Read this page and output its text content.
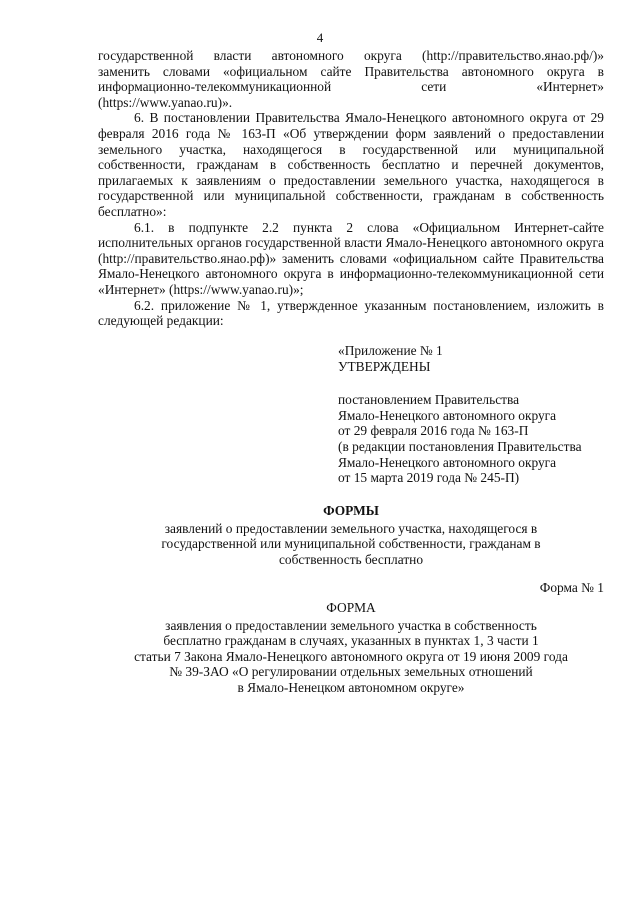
4

государственной власти автономного округа (http://правительство.янао.рф/)»

заменить словами «официальном сайте Правительства автономного округа в

информационно-телекоммуникационной сети «Интернет»

(https://www.yanao.ru)».

6. В постановлении Правительства Ямало-Ненецкого автономного округа от 29 февраля 2016 года № 163-П «Об утверждении форм заявлений о предоставлении земельного участка, находящегося в государственной или муниципальной собственности, гражданам в собственность бесплатно и перечней документов, прилагаемых к заявлениям о предоставлении земельного участка, находящегося в государственной или муниципальной собственности, гражданам в собственность бесплатно»:

6.1. в подпункте 2.2 пункта 2 слова «Официальном Интернет-сайте исполнительных органов государственной власти Ямало-Ненецкого автономного округа (http://правительство.янао.рф)» заменить словами «официальном сайте Правительства Ямало-Ненецкого автономного округа в информационно-телекоммуникационной сети «Интернет» (https://www.yanao.ru)»;

6.2. приложение № 1, утвержденное указанным постановлением, изложить в следующей редакции:

«Приложение № 1

УТВЕРЖДЕНЫ

постановлением Правительства

Ямало-Ненецкого автономного округа

от 29 февраля 2016 года № 163-П

(в редакции постановления Правительства

Ямало-Ненецкого автономного округа

от 15 марта 2019 года № 245-П)

ФОРМЫ

заявлений о предоставлении земельного участка, находящегося в

государственной или муниципальной собственности, гражданам в

собственность бесплатно

Форма № 1

ФОРМА

заявления о предоставлении земельного участка в собственность

бесплатно гражданам в случаях, указанных в пунктах 1, 3 части 1

статьи 7 Закона Ямало-Ненецкого автономного округа от 19 июня 2009 года

№ 39-ЗАО «О регулировании отдельных земельных отношений

в Ямало-Ненецком автономном округе»
